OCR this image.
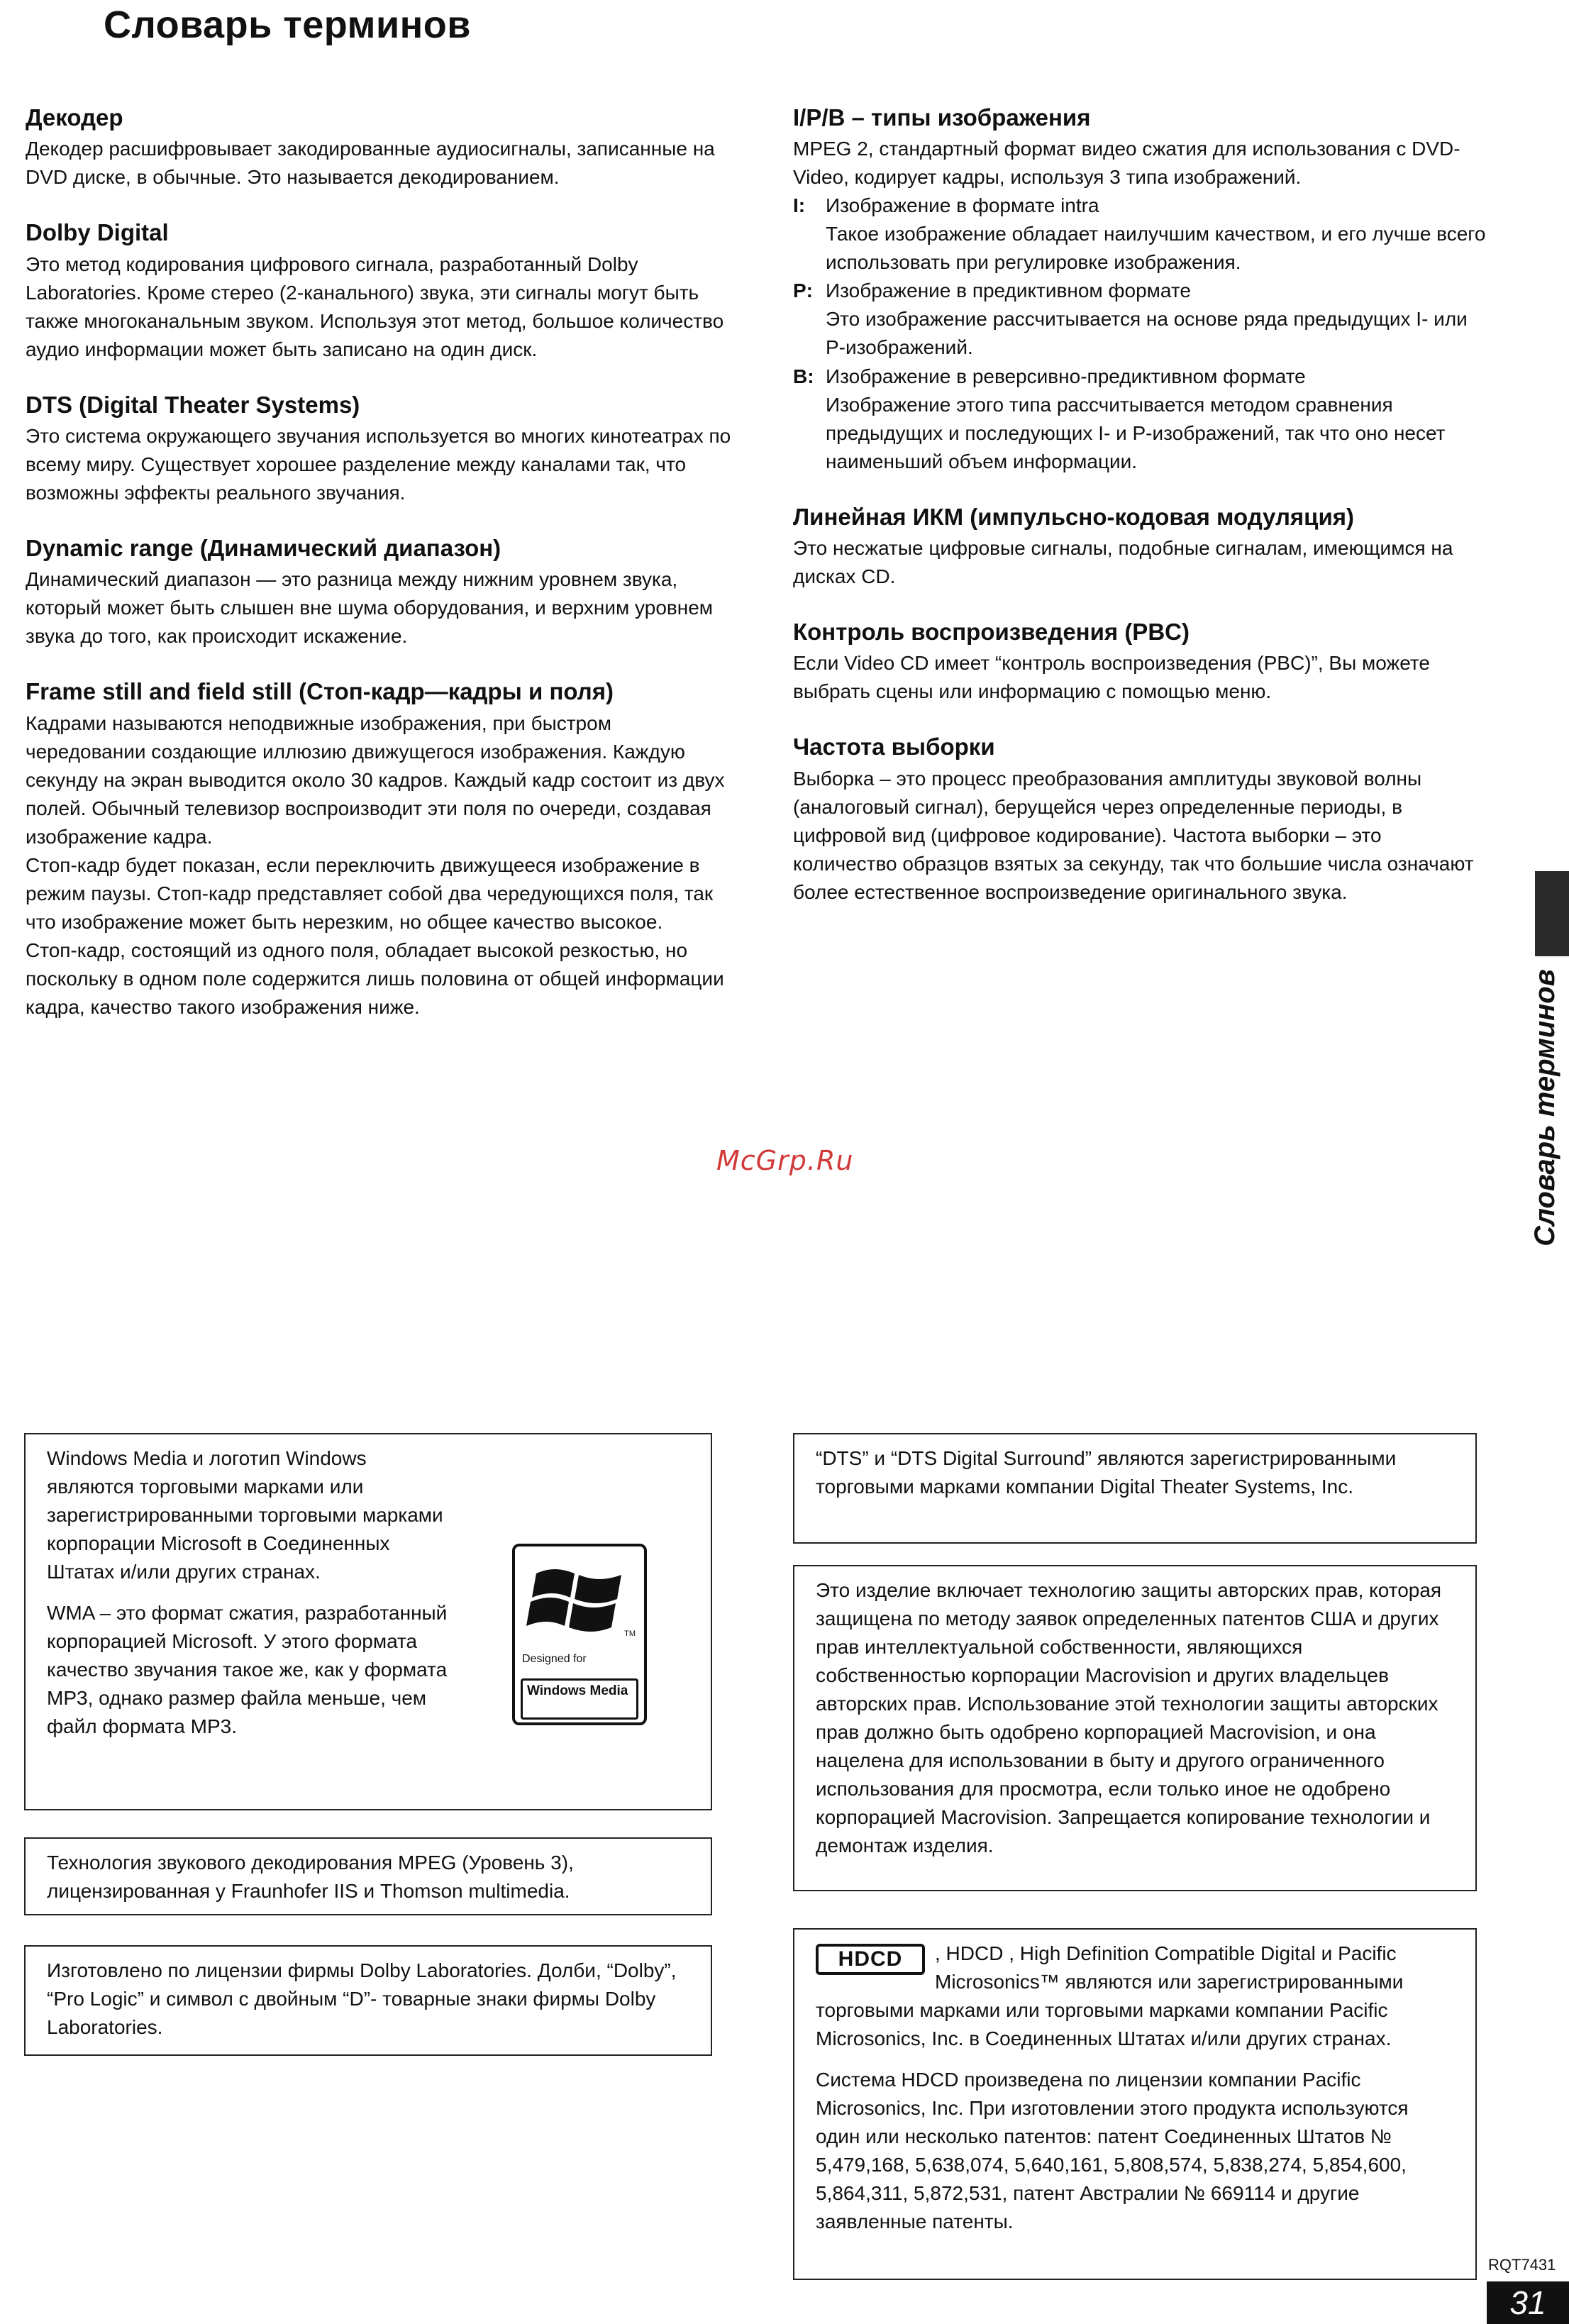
Словарь терминов
Декодер

Декодер расшифровывает закодированные аудиосигналы, записанные на DVD диске, в обычные. Это называется декодированием.

Dolby Digital

Это метод кодирования цифрового сигнала, разработанный Dolby Laboratories. Кроме стерео (2-канального) звука, эти сигналы могут быть также многоканальным звуком. Используя этот метод, большое количество аудио информации может быть записано на один диск.

DTS (Digital Theater Systems)

Это система окружающего звучания используется во многих кинотеатрах по всему миру. Существует хорошее разделение между каналами так, что возможны эффекты реального звучания.

Dynamic range (Динамический диапазон)

Динамический диапазон — это разница между нижним уровнем звука, который может быть слышен вне шума оборудования, и верхним уровнем звука до того, как происходит искажение.

Frame still and field still (Стоп-кадр—кадры и поля)

Кадрами называются неподвижные изображения, при быстром чередовании создающие иллюзию движущегося изображения. Каждую секунду на экран выводится около 30 кадров. Каждый кадр состоит из двух полей. Обычный телевизор воспроизводит эти поля по очереди, создавая изображение кадра.

Стоп-кадр будет показан, если переключить движущееся изображение в режим паузы. Стоп-кадр представляет собой два чередующихся поля, так что изображение может быть нерезким, но общее качество высокое.

Стоп-кадр, состоящий из одного поля, обладает высокой резкостью, но поскольку в одном поле содержится лишь половина от общей информации кадра, качество такого изображения ниже.

I/P/B – типы изображения

MPEG 2, стандартный формат видео сжатия для использования с DVD-Video, кодирует кадры, используя 3 типа изображений.

I:	Изображение в формате intra
Такое изображение обладает наилучшим качеством, и его лучше всего использовать при регулировке изображения.
P: Изображение в предиктивном формате
Это изображение рассчитывается на основе ряда предыдущих I- или P-изображений.
B: Изображение в реверсивно-предиктивном формате
Изображение этого типа рассчитывается методом сравнения предыдущих и последующих I- и P-изображений, так что оно несет наименьший объем информации.
Линейная ИКМ (импульсно-кодовая модуляция)

Это несжатые цифровые сигналы, подобные сигналам, имеющимся на дисках CD.

Контроль воспроизведения (PBC)

Если Video CD имеет “контроль воспроизведения (PBC)”, Вы можете выбрать сцены или информацию с помощью меню.

Частота выборки

Выборка – это процесс преобразования амплитуды звуковой волны (аналоговый сигнал), берущейся через определенные периоды, в цифровой вид (цифровое кодирование). Частота выборки – это количество образцов взятых за секунду, так что большие числа означают более естественное воспроизведение оригинального звука.

Словарь терминов
McGrp.Ru

Windows Media и логотип Windows являются торговыми марками или зарегистрированными торговыми марками корпорации Microsoft в Соединенных Штатах и/или других странах.

WMA – это формат сжатия, разработанный корпорацией Microsoft. У этого формата качество звучания такое же, как у формата MP3, однако размер файла меньше, чем файл формата MP3.

TM
Designed for
Windows Media

Технология звукового декодирования MPEG (Уровень 3), лицензированная у Fraunhofer IIS и Thomson multimedia.

Изготовлено по лицензии фирмы Dolby Laboratories. Долби, “Dolby”, “Pro Logic” и символ с двойным “D”- товарные знаки фирмы Dolby Laboratories.

“DTS” и “DTS Digital Surround” являются зарегистрированными торговыми марками компании Digital Theater Systems, Inc.

Это изделие включает технологию защиты авторских прав, которая защищена по методу заявок определенных патентов США и других прав интеллектуальной собственности, являющихся собственностью корпорации Macrovision и других владельцев авторских прав. Использование этой технологии защиты авторских прав должно быть одобрено корпорацией Macrovision, и она нацелена для использовании в быту и другого ограниченного использования для просмотра, если только иное не одобрено корпорацией Macrovision. Запрещается копирование технологии и демонтаж изделия.

HDCD	, HDCD , High Definition Compatible Digital и Pacific Microsonics™ являются или зарегистрированными торговыми марками или торговыми марками компании Pacific Microsonics, Inc. в Соединенных Штатах и/или других странах.

Система HDCD произведена по лицензии компании Pacific Microsonics, Inc. При изготовлении этого продукта используются один или несколько патентов: патент Соединенных Штатов № 5,479,168, 5,638,074, 5,640,161, 5,808,574, 5,838,274, 5,854,600, 5,864,311, 5,872,531, патент Австралии № 669114 и другие заявленные патенты.

RQT7431
31
